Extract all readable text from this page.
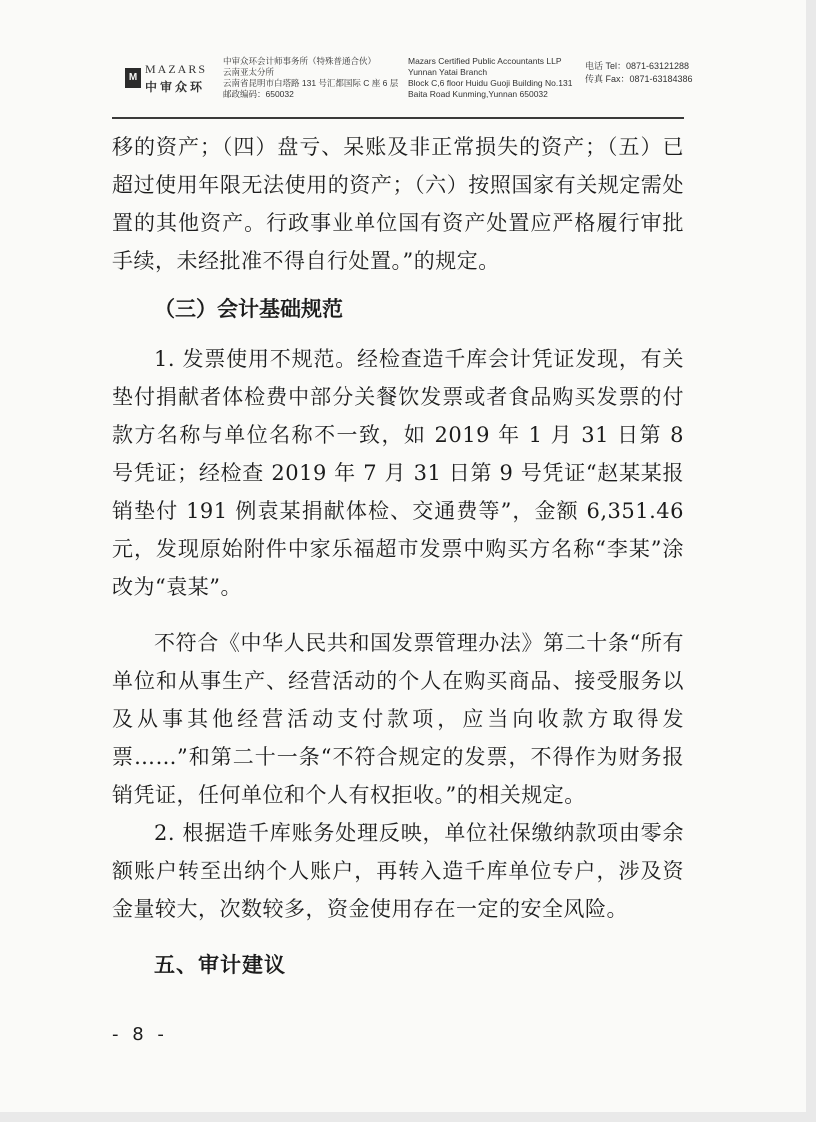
M
MAZARS
中审众环
中审众环会计师事务所（特殊普通合伙）
云南亚太分所
云南省昆明市白塔路 131 号汇都国际 C 座 6 层
邮政编码：650032
Mazars Certified Public Accountants LLP
Yunnan Yatai Branch
Block C,6 floor Huidu Guoji Building No.131
Baita Road Kunming,Yunnan 650032
电话 Tel：0871-63121288
传真 Fax：0871-63184386

移的资产；（四）盘亏、呆账及非正常损失的资产；（五）已超过使用年限无法使用的资产；（六）按照国家有关规定需处置的其他资产。行政事业单位国有资产处置应严格履行审批手续，未经批准不得自行处置。”的规定。

（三）会计基础规范

1. 发票使用不规范。经检查造千库会计凭证发现，有关垫付捐献者体检费中部分关餐饮发票或者食品购买发票的付款方名称与单位名称不一致，如 2019 年 1 月 31 日第 8 号凭证；经检查 2019 年 7 月 31 日第 9 号凭证“赵某某报销垫付 191 例袁某捐献体检、交通费等”，金额 6,351.46 元，发现原始附件中家乐福超市发票中购买方名称“李某”涂改为“袁某”。

不符合《中华人民共和国发票管理办法》第二十条“所有单位和从事生产、经营活动的个人在购买商品、接受服务以及从事其他经营活动支付款项，应当向收款方取得发票……”和第二十一条“不符合规定的发票，不得作为财务报销凭证，任何单位和个人有权拒收。”的相关规定。

2. 根据造千库账务处理反映，单位社保缴纳款项由零余额账户转至出纳个人账户，再转入造千库单位专户，涉及资金量较大，次数较多，资金使用存在一定的安全风险。

五、审计建议
- 8 -
